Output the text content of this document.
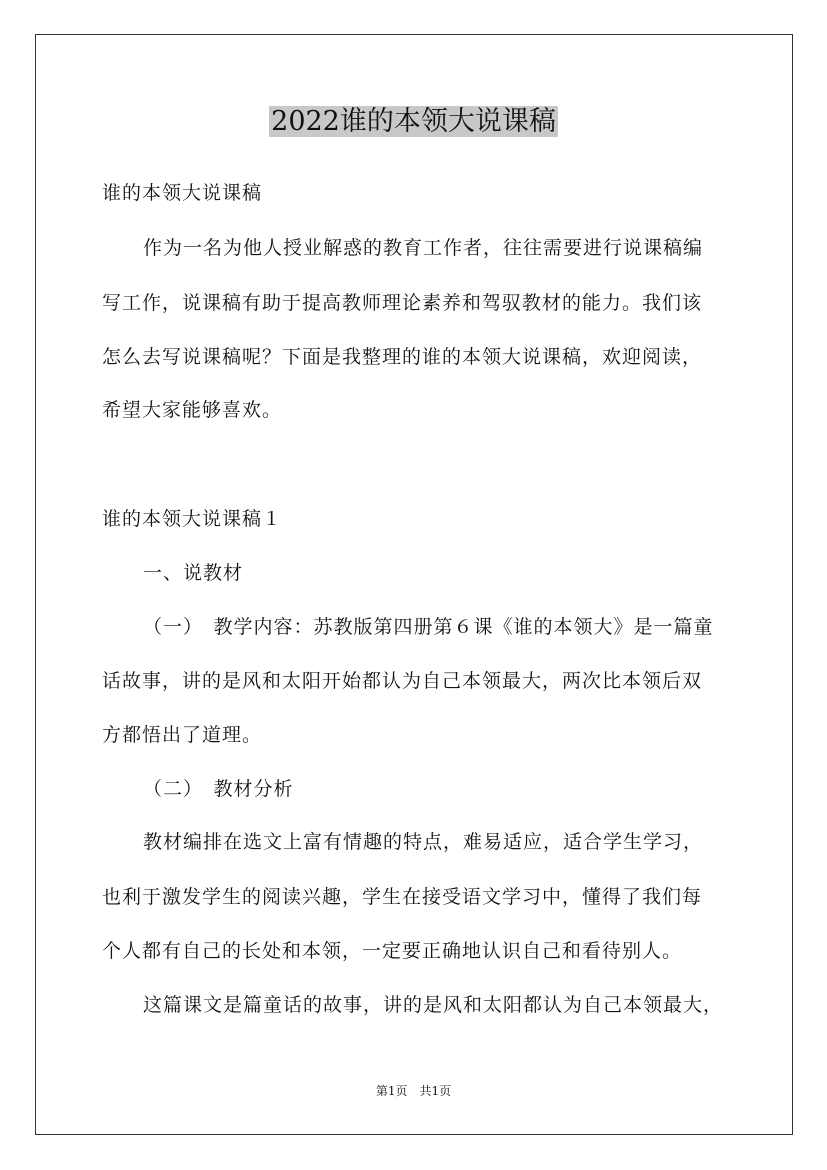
2022谁的本领大说课稿
谁的本领大说课稿
作为一名为他人授业解惑的教育工作者，往往需要进行说课稿编
写工作，说课稿有助于提高教师理论素养和驾驭教材的能力。我们该
怎么去写说课稿呢？下面是我整理的谁的本领大说课稿，欢迎阅读，
希望大家能够喜欢。
谁的本领大说课稿１
一、说教材
（一）　教学内容：苏教版第四册第６课《谁的本领大》是一篇童
话故事，讲的是风和太阳开始都认为自己本领最大，两次比本领后双
方都悟出了道理。
（二）　教材分析
教材编排在选文上富有情趣的特点，难易适应，适合学生学习，
也利于激发学生的阅读兴趣，学生在接受语文学习中，懂得了我们每
个人都有自己的长处和本领，一定要正确地认识自己和看待别人。
这篇课文是篇童话的故事，讲的是风和太阳都认为自己本领最大，
第1页　共1页
